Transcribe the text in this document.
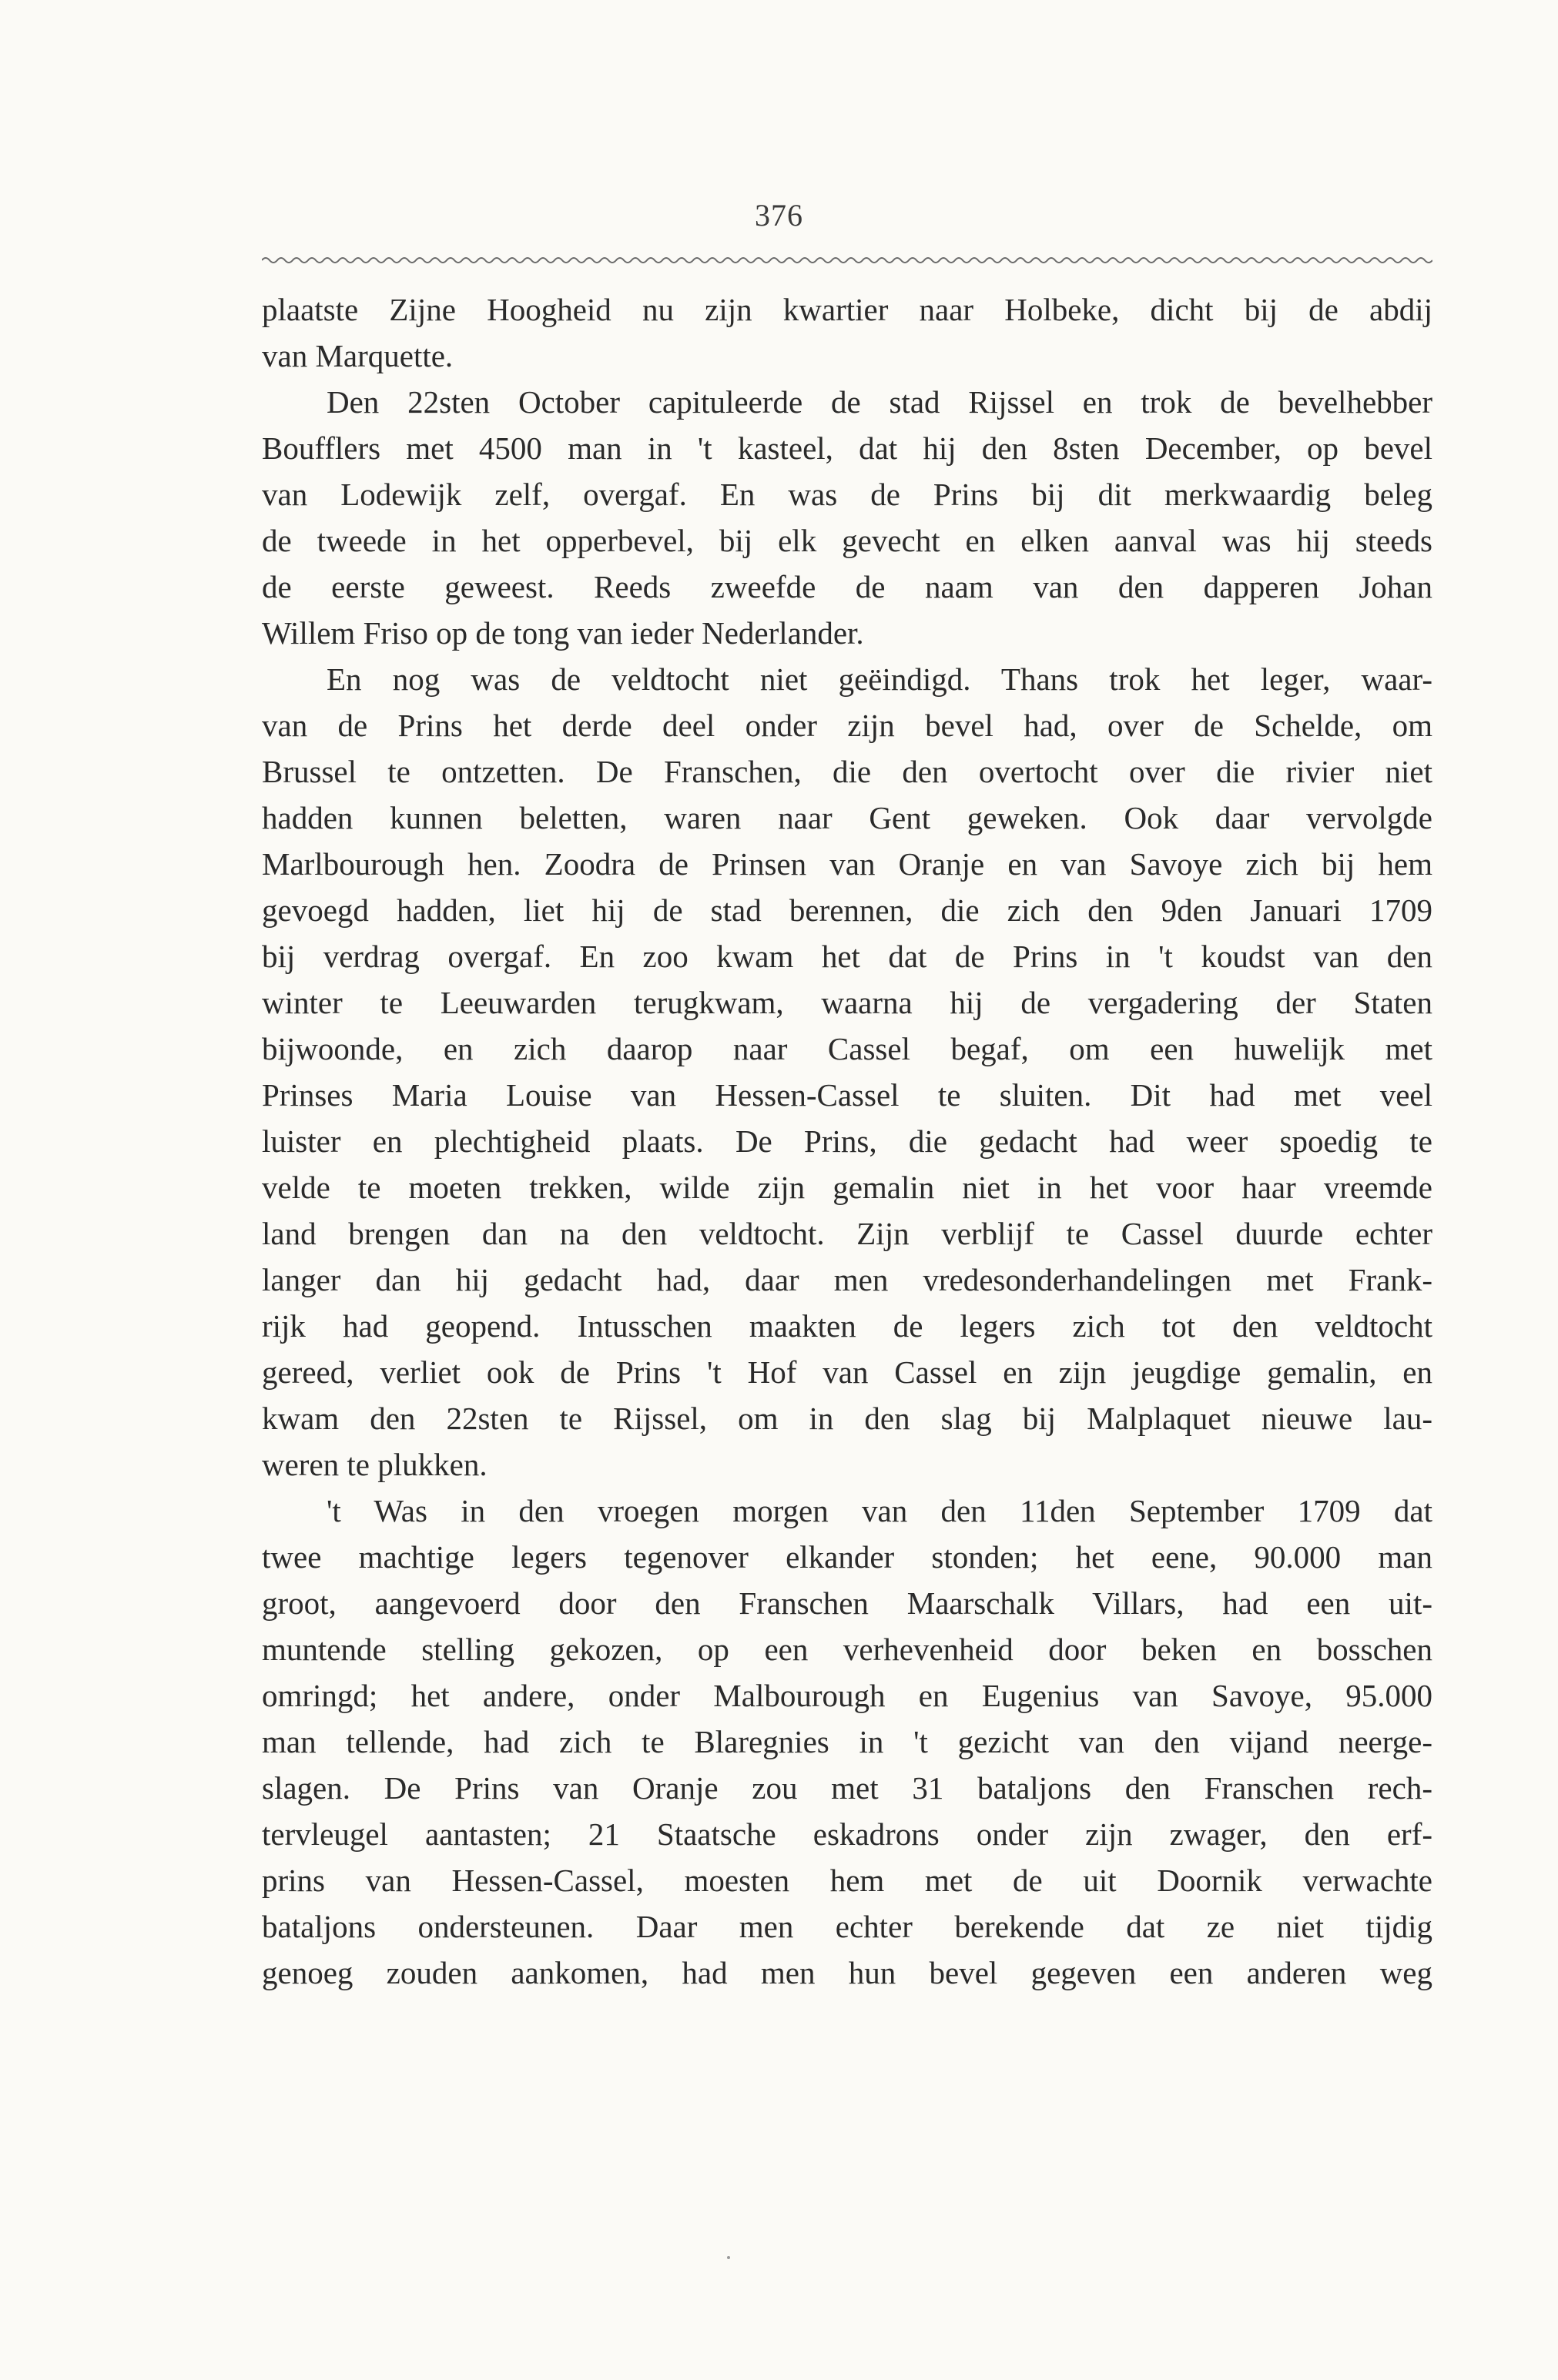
376
plaatste Zijne Hoogheid nu zijn kwartier naar Holbeke, dicht bij de abdij
van Marquette.
Den 22sten October capituleerde de stad Rijssel en trok de bevelhebber
Boufflers met 4500 man in 't kasteel, dat hij den 8sten December, op bevel
van Lodewijk zelf, overgaf. En was de Prins bij dit merkwaardig beleg
de tweede in het opperbevel, bij elk gevecht en elken aanval was hij steeds
de eerste geweest. Reeds zweefde de naam van den dapperen Johan
Willem Friso op de tong van ieder Nederlander.
En nog was de veldtocht niet geëindigd. Thans trok het leger, waar-
van de Prins het derde deel onder zijn bevel had, over de Schelde, om
Brussel te ontzetten. De Franschen, die den overtocht over die rivier niet
hadden kunnen beletten, waren naar Gent geweken. Ook daar vervolgde
Marlbourough hen. Zoodra de Prinsen van Oranje en van Savoye zich bij hem
gevoegd hadden, liet hij de stad berennen, die zich den 9den Januari 1709
bij verdrag overgaf. En zoo kwam het dat de Prins in 't koudst van den
winter te Leeuwarden terugkwam, waarna hij de vergadering der Staten
bijwoonde, en zich daarop naar Cassel begaf, om een huwelijk met
Prinses Maria Louise van Hessen-Cassel te sluiten. Dit had met veel
luister en plechtigheid plaats. De Prins, die gedacht had weer spoedig te
velde te moeten trekken, wilde zijn gemalin niet in het voor haar vreemde
land brengen dan na den veldtocht. Zijn verblijf te Cassel duurde echter
langer dan hij gedacht had, daar men vredesonderhandelingen met Frank-
rijk had geopend. Intusschen maakten de legers zich tot den veldtocht
gereed, verliet ook de Prins 't Hof van Cassel en zijn jeugdige gemalin, en
kwam den 22sten te Rijssel, om in den slag bij Malplaquet nieuwe lau-
weren te plukken.
't Was in den vroegen morgen van den 11den September 1709 dat
twee machtige legers tegenover elkander stonden; het eene, 90.000 man
groot, aangevoerd door den Franschen Maarschalk Villars, had een uit-
muntende stelling gekozen, op een verhevenheid door beken en bosschen
omringd; het andere, onder Malbourough en Eugenius van Savoye, 95.000
man tellende, had zich te Blaregnies in 't gezicht van den vijand neerge-
slagen. De Prins van Oranje zou met 31 bataljons den Franschen rech-
tervleugel aantasten; 21 Staatsche eskadrons onder zijn zwager, den erf-
prins van Hessen-Cassel, moesten hem met de uit Doornik verwachte
bataljons ondersteunen. Daar men echter berekende dat ze niet tijdig
genoeg zouden aankomen, had men hun bevel gegeven een anderen weg
